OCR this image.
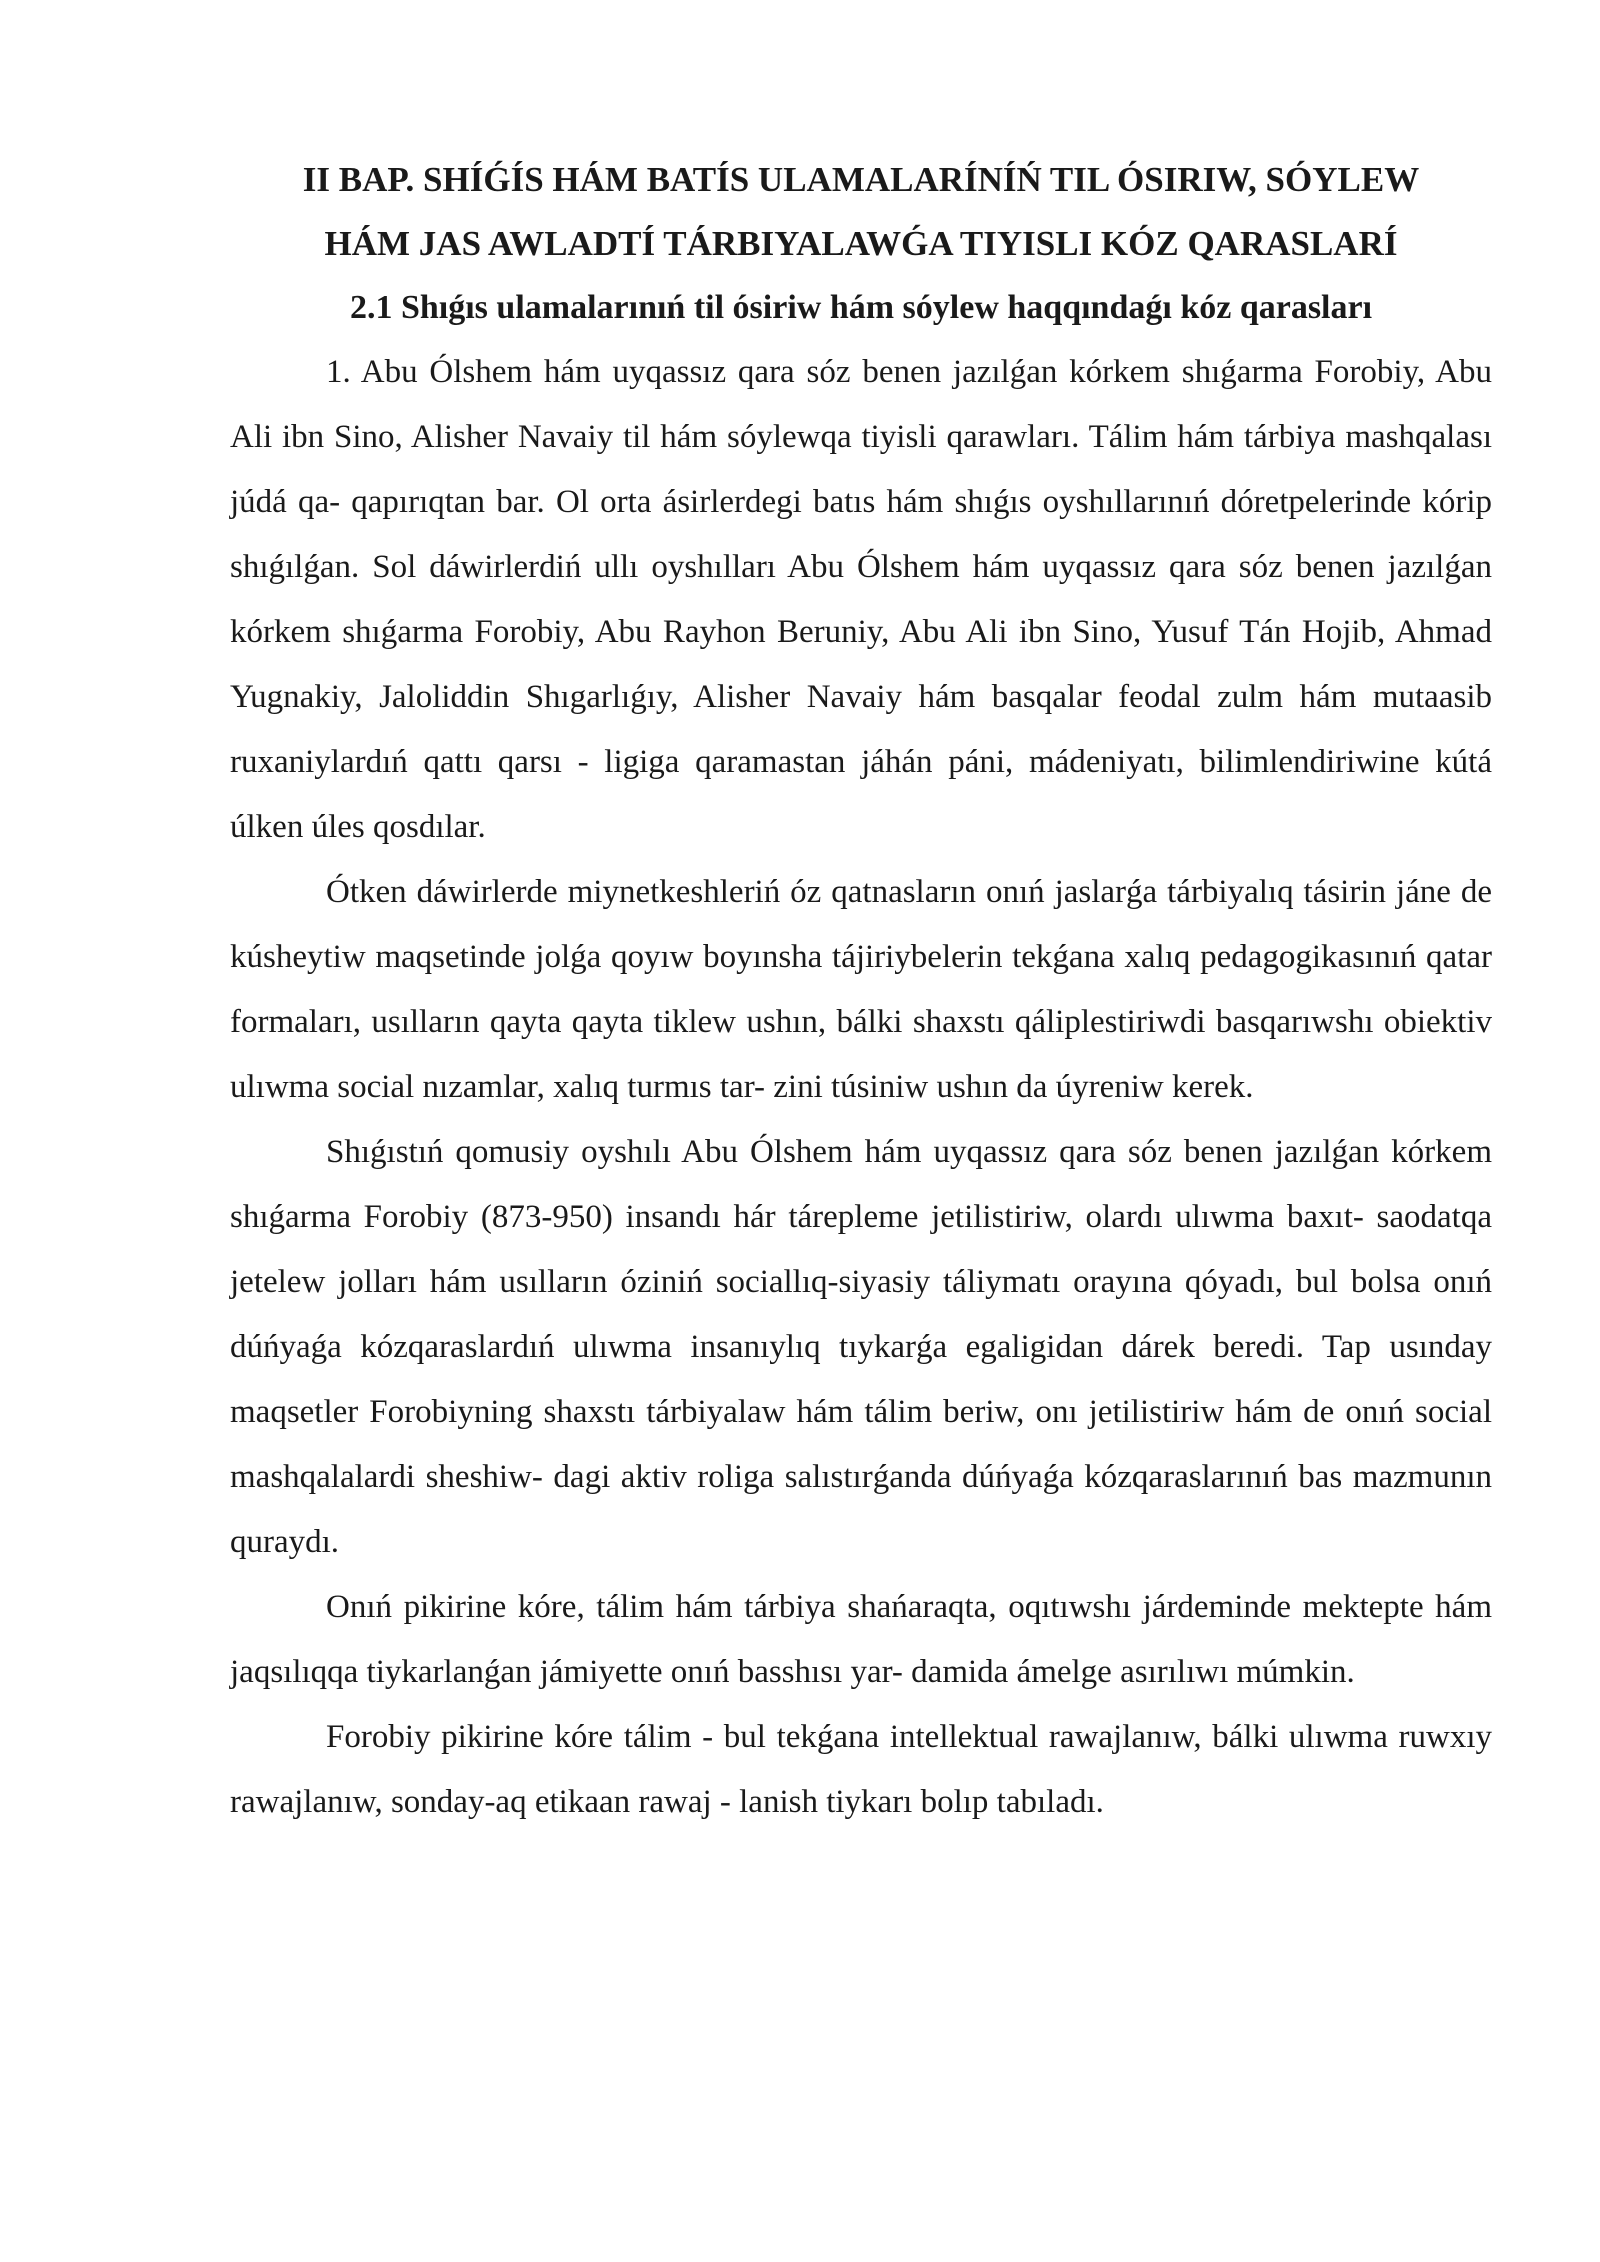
II BAP. SHÍǴÍS HÁM BATÍS ULAMALARÍNÍŃ TIL ÓSIRIW, SÓYLEW

HÁM JAS AWLADTÍ TÁRBIYALAWǴA TIYISLI KÓZ QARASLARÍ

2.1 Shıǵıs ulamalarınıń til ósiriw hám sóylew haqqındaǵı kóz qarasları

1. Abu Ólshem hám uyqassız qara sóz benen jazılǵan kórkem shıǵarma Forobiy, Abu Ali ibn Sino, Alisher Navaiy til hám sóylewqa tiyisli qarawları. Tálim hám tárbiya mashqalası júdá qa- qapırıqtan bar. Ol orta ásirlerdegi batıs hám shıǵıs oyshıllarınıń dóretpelerinde kórip shıǵılǵan. Sol dáwirlerdiń ullı oyshılları Abu Ólshem hám uyqassız qara sóz benen jazılǵan kórkem shıǵarma Forobiy, Abu Rayhon Beruniy, Abu Ali ibn Sino, Yusuf Tán Hojib, Ahmad Yugnakiy, Jaloliddin Shıgarlıǵıy, Alisher Navaiy hám basqalar feodal zulm hám mutaasib ruxaniylardıń qattı qarsı - ligiga qaramastan jáhán páni, mádeniyatı, bilimlendiriwine kútá úlken úles qosdılar.

Ótken dáwirlerde miynetkeshleriń óz qatnasların onıń jaslarǵa tárbiyalıq tásirin jáne de kúsheytiw maqsetinde jolǵa qoyıw boyınsha tájiriybelerin tekǵana xalıq pedagogikasınıń qatar formaları, usılların qayta qayta tiklew ushın, bálki shaxstı qáliplestiriwdi basqarıwshı obiektiv ulıwma social nızamlar, xalıq turmıs tar- zini túsiniw ushın da úyreniw kerek.

Shıǵıstıń qomusiy oyshılı Abu Ólshem hám uyqassız qara sóz benen jazılǵan kórkem shıǵarma Forobiy (873-950) insandı hár tárepleme jetilistiriw, olardı ulıwma baxıt- saodatqa jetelew jolları hám usılların óziniń sociallıq-siyasiy táliymatı orayına qóyadı, bul bolsa onıń dúńyaǵa kózqaraslardıń ulıwma insanıylıq tıykarǵa egaligidan dárek beredi. Tap usınday maqsetler Forobiyning shaxstı tárbiyalaw hám tálim beriw, onı jetilistiriw hám de onıń social mashqalalardi sheshiw- dagi aktiv roliga salıstırǵanda dúńyaǵa kózqaraslarınıń bas mazmunın quraydı.

Onıń pikirine kóre, tálim hám tárbiya shańaraqta, oqıtıwshı járdeminde mektepte hám jaqsılıqqa tiykarlanǵan jámiyette onıń basshısı yar- damida ámelge asırılıwı múmkin.

Forobiy pikirine kóre tálim - bul tekǵana intellektual rawajlanıw, bálki ulıwma ruwxıy rawajlanıw, sonday-aq etikaan rawaj - lanish tiykarı bolıp tabıladı.
